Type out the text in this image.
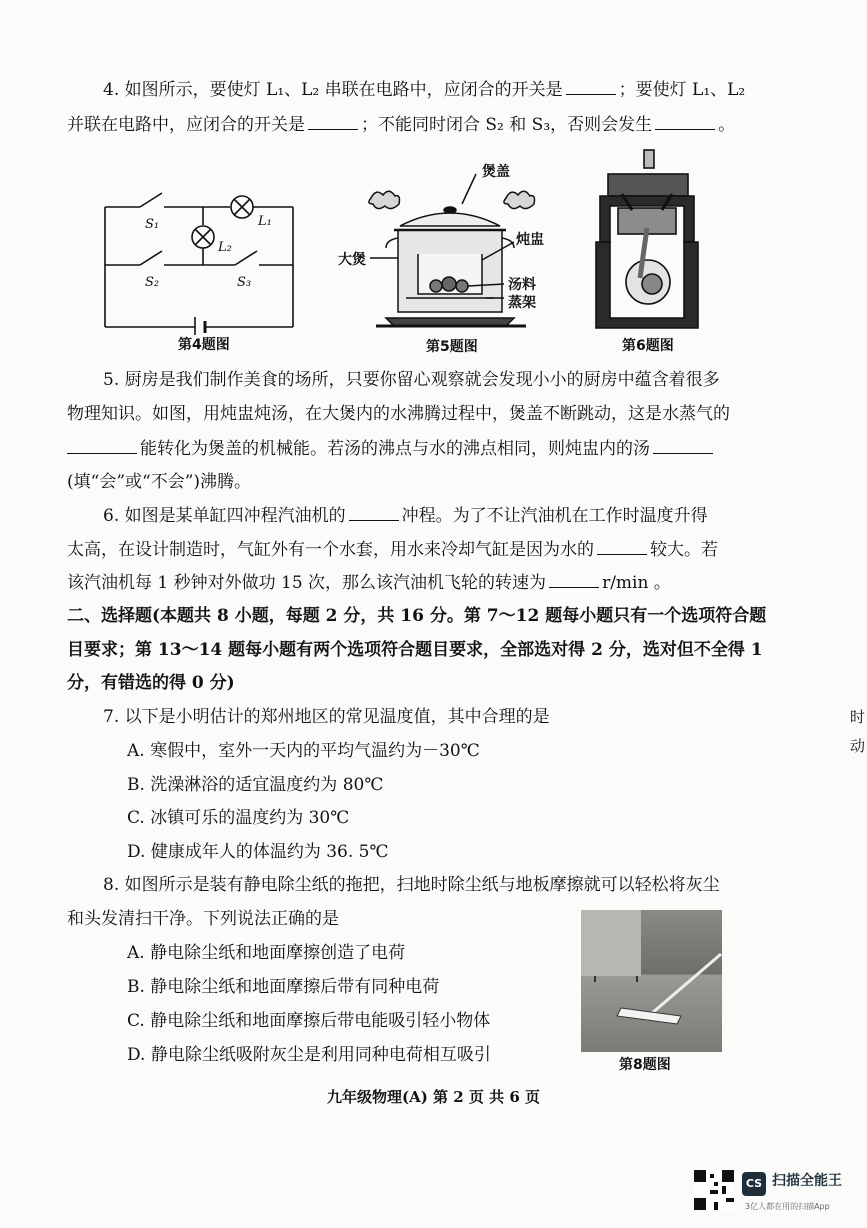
4. 如图所示，要使灯 L₁、L₂ 串联在电路中，应闭合的开关是	；要使灯 L₁、L₂
并联在电路中，应闭合的开关是	；不能同时闭合 S₂ 和 S₃，否则会发生	。
S₁	L₁
L₂
S₂	S₃
第4题图
煲盖
炖盅
大煲
汤料
蒸架
第5题图	第6题图
5. 厨房是我们制作美食的场所，只要你留心观察就会发现小小的厨房中蕴含着很多
物理知识。如图，用炖盅炖汤，在大煲内的水沸腾过程中，煲盖不断跳动，这是水蒸气的
能转化为煲盖的机械能。若汤的沸点与水的沸点相同，则炖盅内的汤
(填“会”或“不会”)沸腾。
6. 如图是某单缸四冲程汽油机的	冲程。为了不让汽油机在工作时温度升得
太高，在设计制造时，气缸外有一个水套，用水来冷却气缸是因为水的	较大。若
该汽油机每 1 秒钟对外做功 15 次，那么该汽油机飞轮的转速为	r/min 。
二、选择题(本题共 8 小题，每题 2 分，共 16 分。第 7～12 题每小题只有一个选项符合题
目要求；第 13～14 题每小题有两个选项符合题目要求，全部选对得 2 分，选对但不全得 1
分，有错选的得 0 分)
7. 以下是小明估计的郑州地区的常见温度值，其中合理的是
A. 寒假中，室外一天内的平均气温约为－30℃
B. 洗澡淋浴的适宜温度约为 80℃
C. 冰镇可乐的温度约为 30℃
D. 健康成年人的体温约为 36. 5℃
8. 如图所示是装有静电除尘纸的拖把，扫地时除尘纸与地板摩擦就可以轻松将灰尘
和头发清扫干净。下列说法正确的是
A. 静电除尘纸和地面摩擦创造了电荷
B. 静电除尘纸和地面摩擦后带有同种电荷
C. 静电除尘纸和地面摩擦后带电能吸引轻小物体
D. 静电除尘纸吸附灰尘是利用同种电荷相互吸引	第8题图
时
动
九年级物理(A) 第 2 页 共 6 页
CS 扫描全能王
3亿人都在用的扫描App
